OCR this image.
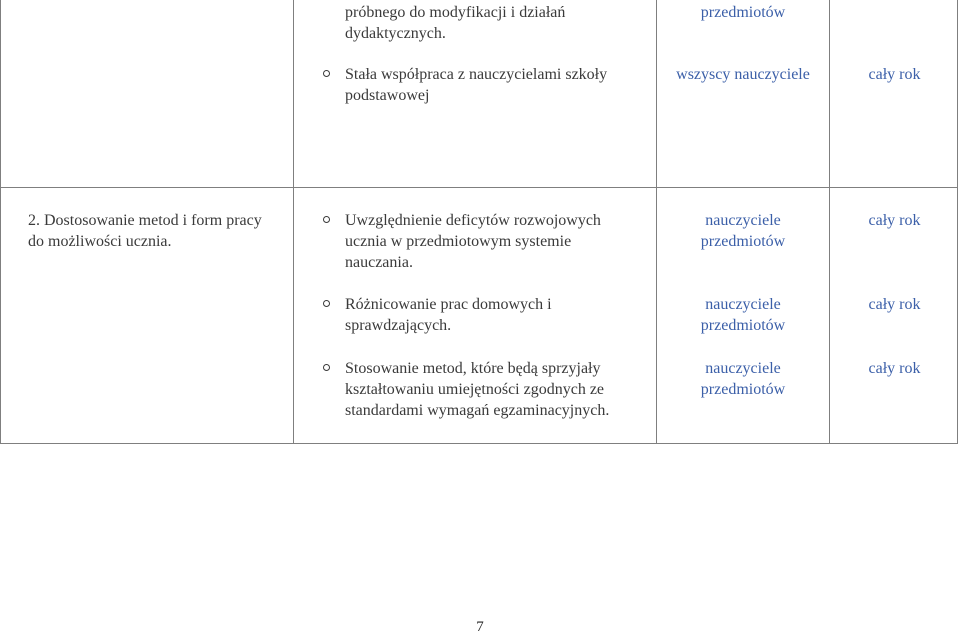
próbnego do modyfikacji i działań
dydaktycznych.
przedmiotów
Stała współpraca z nauczycielami szkoły
podstawowej
wszyscy nauczyciele	cały rok
2. Dostosowanie metod i form pracy
do możliwości ucznia.
Uwzględnienie deficytów rozwojowych
ucznia w przedmiotowym systemie
nauczania.
nauczyciele
przedmiotów
cały rok
Różnicowanie prac domowych i
sprawdzających.
nauczyciele
przedmiotów
cały rok
Stosowanie metod, które będą sprzyjały
kształtowaniu umiejętności zgodnych ze
standardami wymagań egzaminacyjnych.
nauczyciele
przedmiotów
cały rok
7
